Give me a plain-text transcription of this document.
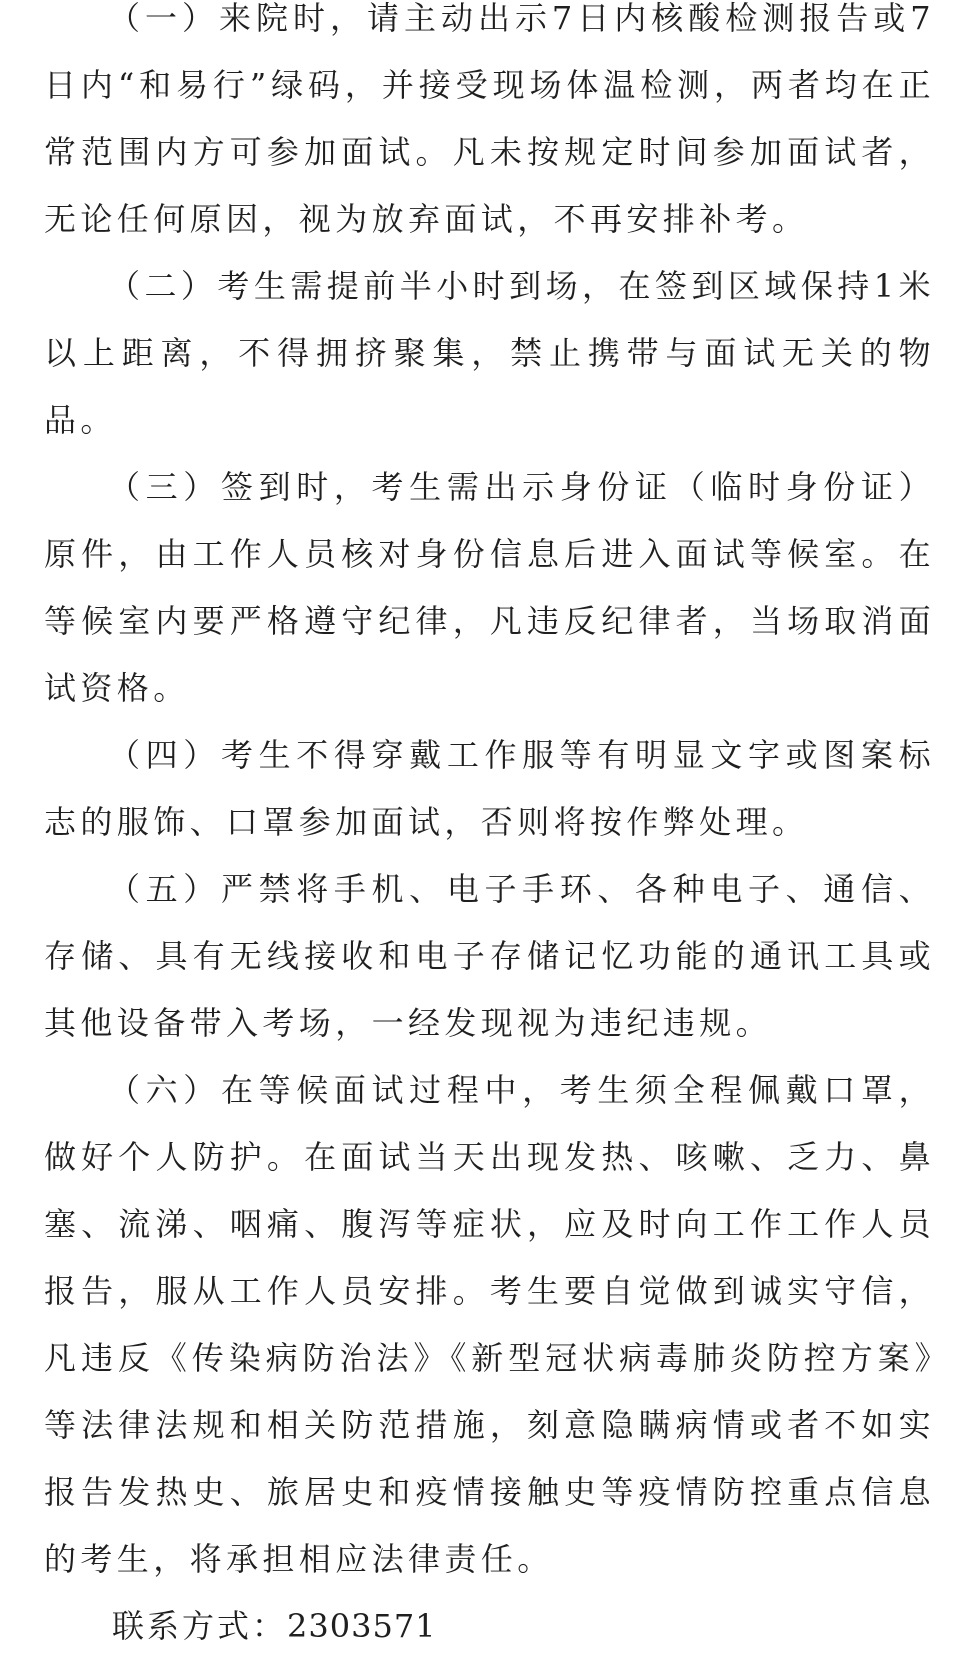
（一）来院时，请主动出示7日内核酸检测报告或7日内“和易行”绿码，并接受现场体温检测，两者均在正常范围内方可参加面试。凡未按规定时间参加面试者，无论任何原因，视为放弃面试，不再安排补考。

（二）考生需提前半小时到场，在签到区域保持1米以上距离，不得拥挤聚集，禁止携带与面试无关的物品。

（三）签到时，考生需出示身份证（临时身份证）原件，由工作人员核对身份信息后进入面试等候室。在等候室内要严格遵守纪律，凡违反纪律者，当场取消面试资格。

（四）考生不得穿戴工作服等有明显文字或图案标志的服饰、口罩参加面试，否则将按作弊处理。

（五）严禁将手机、电子手环、各种电子、通信、存储、具有无线接收和电子存储记忆功能的通讯工具或其他设备带入考场，一经发现视为违纪违规。

（六）在等候面试过程中，考生须全程佩戴口罩，做好个人防护。在面试当天出现发热、咳嗽、乏力、鼻塞、流涕、咽痛、腹泻等症状，应及时向工作工作人员报告，服从工作人员安排。考生要自觉做到诚实守信，凡违反《传染病防治法》《新型冠状病毒肺炎防控方案》等法律法规和相关防范措施，刻意隐瞒病情或者不如实报告发热史、旅居史和疫情接触史等疫情防控重点信息的考生，将承担相应法律责任。

联系方式：2303571
